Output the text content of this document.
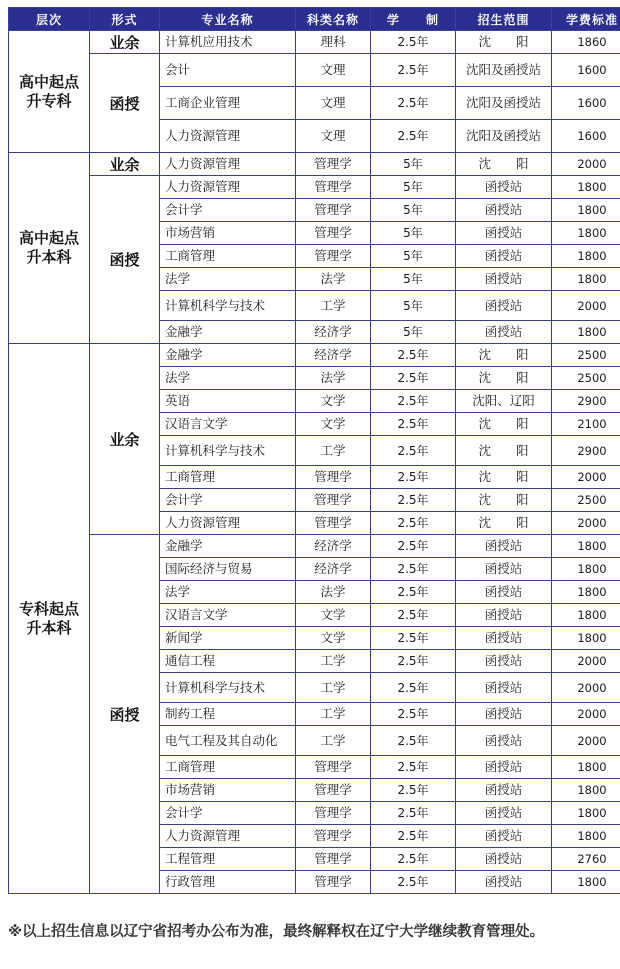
层次	形式	专业名称	科类名称	学　　制	招生范围	学费标准
高中起点升专科	业余	计算机应用技术	理科	2.5年	沈　　阳	1860
	函授	会计	文理	2.5年	沈阳及函授站	1600
		工商企业管理	文理	2.5年	沈阳及函授站	1600
		人力资源管理	文理	2.5年	沈阳及函授站	1600
高中起点升本科	业余	人力资源管理	管理学	5年	沈　　阳	2000
	函授	人力资源管理	管理学	5年	函授站	1800
		会计学	管理学	5年	函授站	1800
		市场营销	管理学	5年	函授站	1800
		工商管理	管理学	5年	函授站	1800
		法学	法学	5年	函授站	1800
		计算机科学与技术	工学	5年	函授站	2000
		金融学	经济学	5年	函授站	1800
专科起点升本科	业余	金融学	经济学	2.5年	沈　　阳	2500
		法学	法学	2.5年	沈　　阳	2500
		英语	文学	2.5年	沈阳、辽阳	2900
		汉语言文学	文学	2.5年	沈　　阳	2100
		计算机科学与技术	工学	2.5年	沈　　阳	2900
		工商管理	管理学	2.5年	沈　　阳	2000
		会计学	管理学	2.5年	沈　　阳	2500
		人力资源管理	管理学	2.5年	沈　　阳	2000
	函授	金融学	经济学	2.5年	函授站	1800
		国际经济与贸易	经济学	2.5年	函授站	1800
		法学	法学	2.5年	函授站	1800
		汉语言文学	文学	2.5年	函授站	1800
		新闻学	文学	2.5年	函授站	1800
		通信工程	工学	2.5年	函授站	2000
		计算机科学与技术	工学	2.5年	函授站	2000
		制药工程	工学	2.5年	函授站	2000
		电气工程及其自动化	工学	2.5年	函授站	2000
		工商管理	管理学	2.5年	函授站	1800
		市场营销	管理学	2.5年	函授站	1800
		会计学	管理学	2.5年	函授站	1800
		人力资源管理	管理学	2.5年	函授站	1800
		工程管理	管理学	2.5年	函授站	2760
		行政管理	管理学	2.5年	函授站	1800
※以上招生信息以辽宁省招考办公布为准，最终解释权在辽宁大学继续教育管理处。
